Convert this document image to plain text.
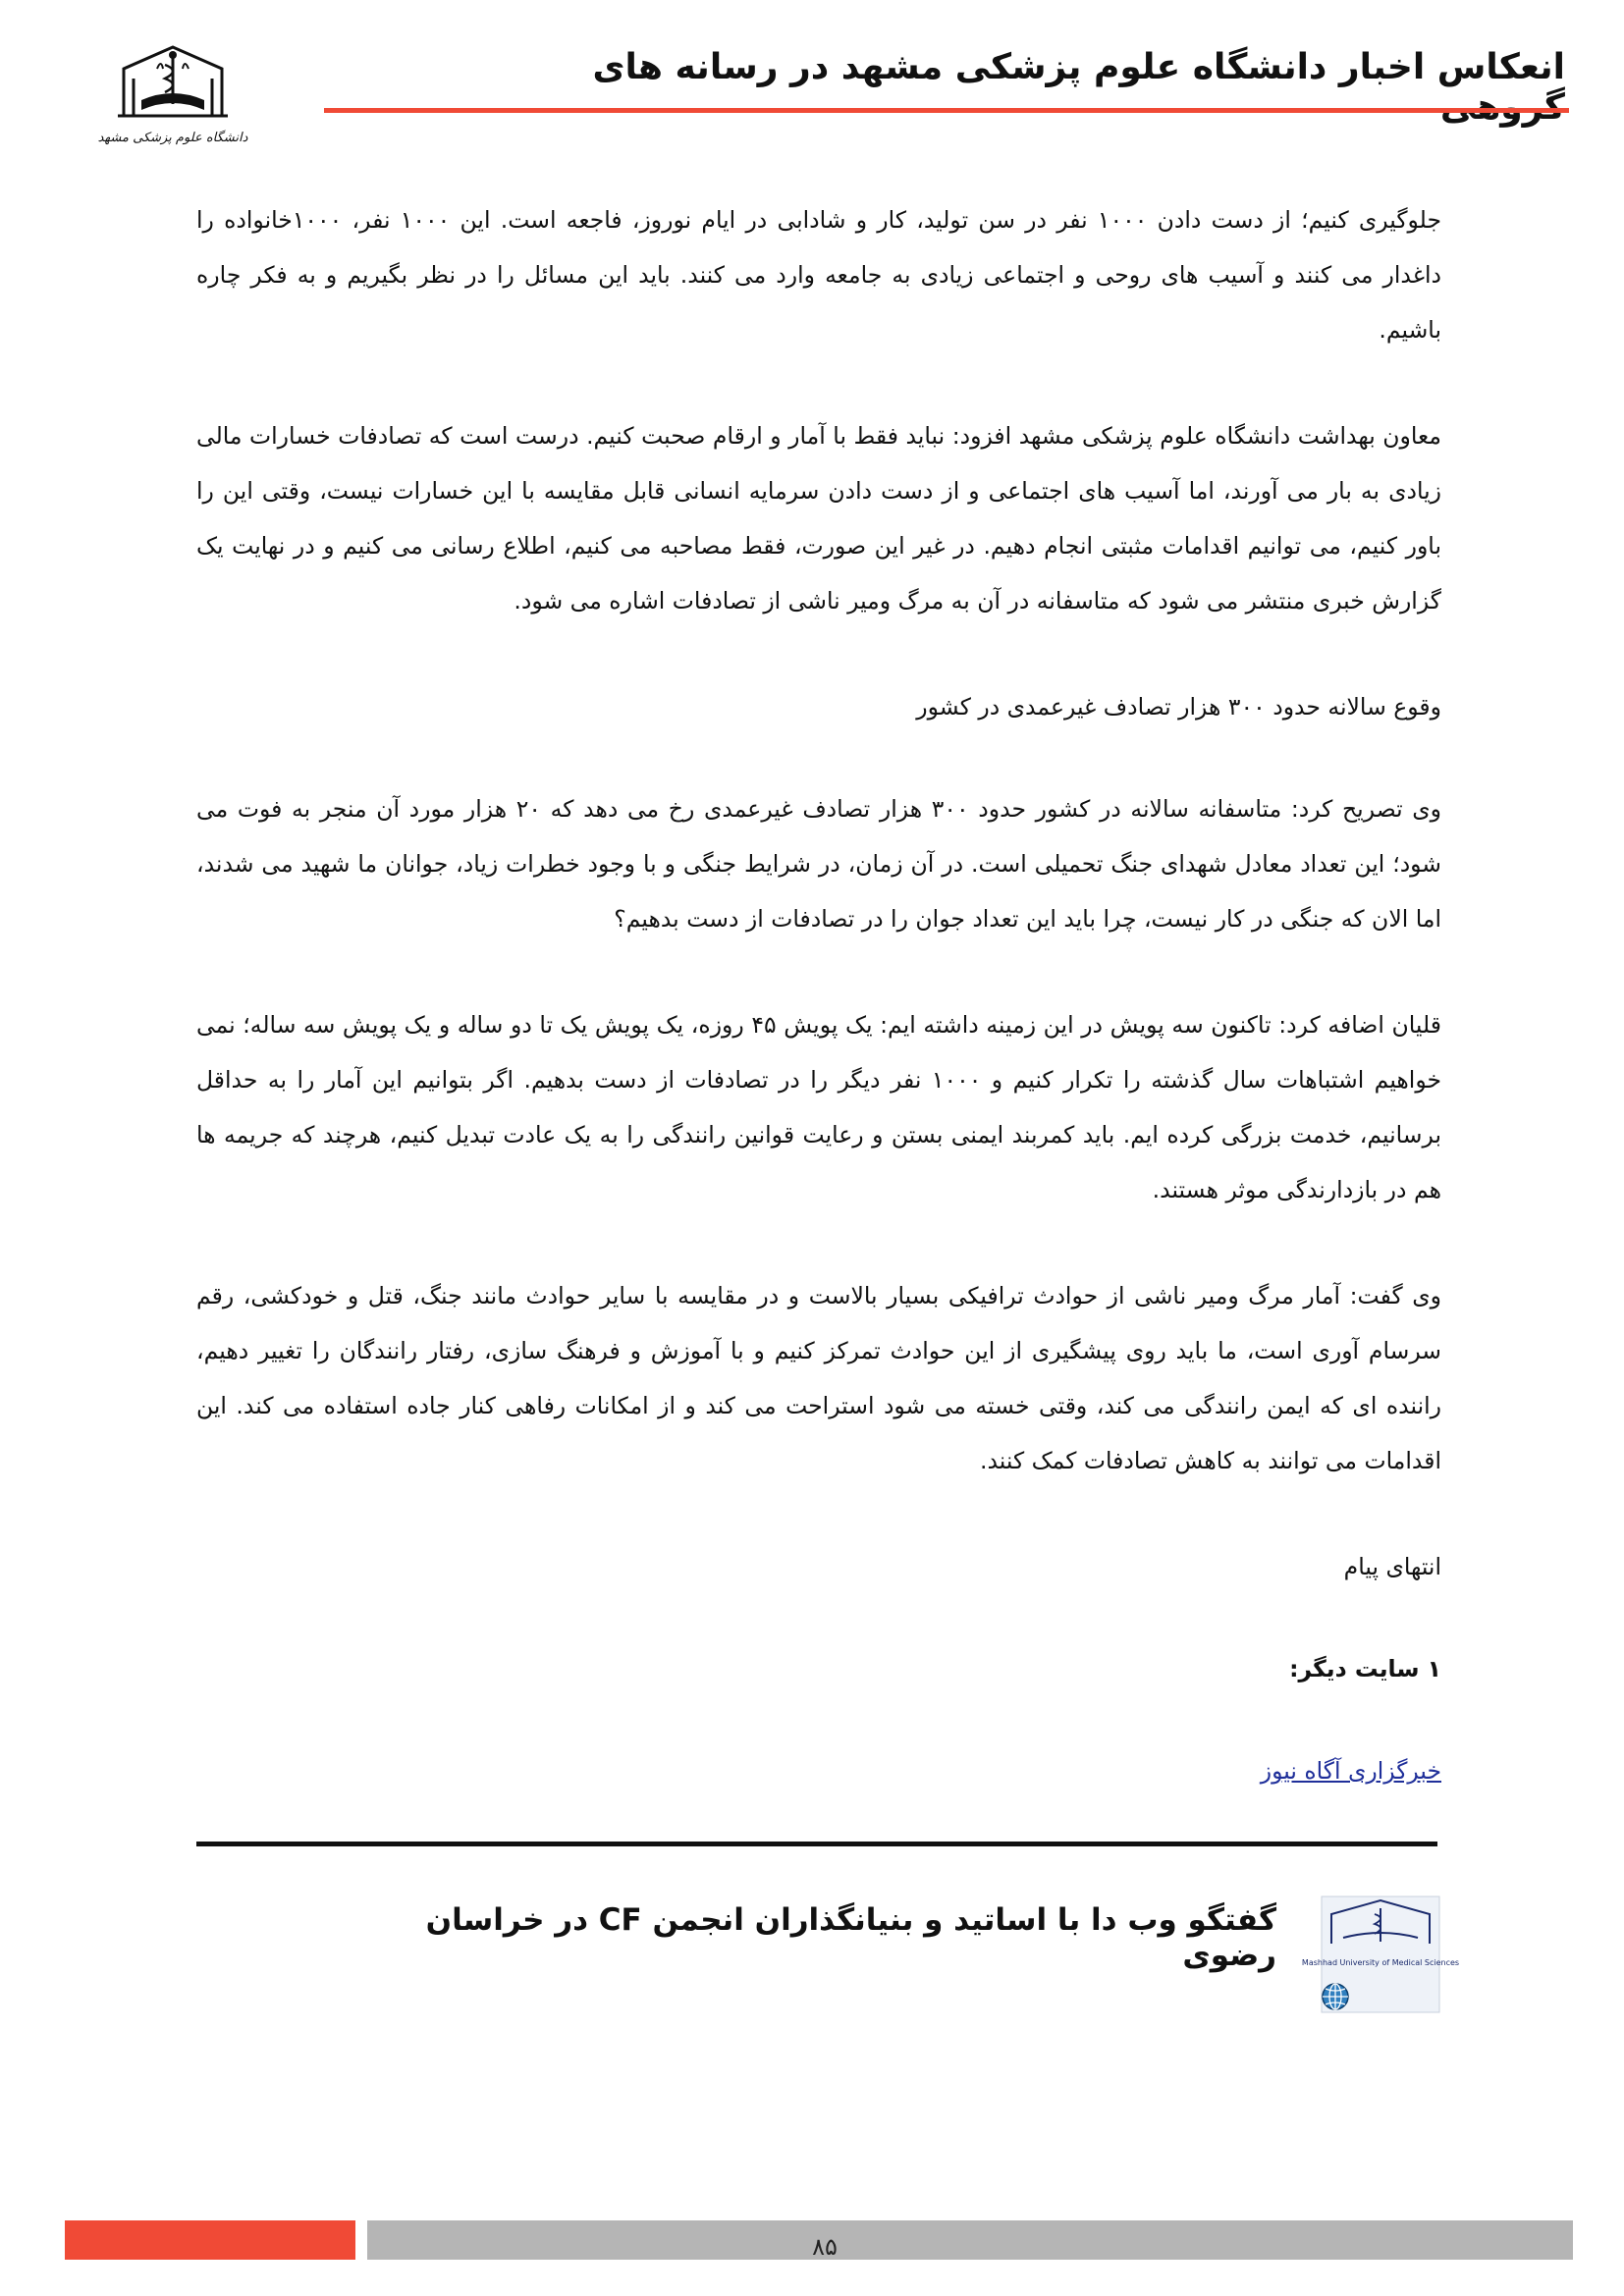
انعکاس اخبار دانشگاه علوم پزشکی مشهد در رسانه های
دانشگاه علوم پزشکی مشهد

جلوگیری کنیم؛ از دست دادن ۱۰۰۰ نفر در سن تولید، کار و شادابی در ایام نوروز، فاجعه است. این ۱۰۰۰ نفر، ۱۰۰۰خانواده را داغدار می کنند و آسیب های روحی و اجتماعی زیادی به جامعه وارد می کنند. باید این مسائل را در نظر بگیریم و به فکر چاره باشیم.

معاون بهداشت دانشگاه علوم پزشکی مشهد افزود: نباید فقط با آمار و ارقام صحبت کنیم. درست است که تصادفات خسارات مالی زیادی به بار می آورند، اما آسیب های اجتماعی و از دست دادن سرمایه انسانی قابل مقایسه با این خسارات نیست، وقتی این را باور کنیم، می توانیم اقدامات مثبتی انجام دهیم. در غیر این صورت، فقط مصاحبه می کنیم، اطلاع رسانی می کنیم و در نهایت یک گزارش خبری منتشر می شود که متاسفانه در آن به مرگ ومیر ناشی از تصادفات اشاره می شود.

وقوع سالانه حدود ۳۰۰ هزار تصادف غیرعمدی در کشور

وی تصریح کرد: متاسفانه سالانه در کشور حدود ۳۰۰ هزار تصادف غیرعمدی رخ می دهد که ۲۰ هزار مورد آن منجر به فوت می شود؛ این تعداد معادل شهدای جنگ تحمیلی است. در آن زمان، در شرایط جنگی و با وجود خطرات زیاد، جوانان ما شهید می شدند، اما الان که جنگی در کار نیست، چرا باید این تعداد جوان را در تصادفات از دست بدهیم؟

قلیان اضافه کرد: تاکنون سه پویش در این زمینه داشته ایم: یک پویش ۴۵ روزه، یک پویش یک تا دو ساله و یک پویش سه ساله؛ نمی خواهیم اشتباهات سال گذشته را تکرار کنیم و ۱۰۰۰ نفر دیگر را در تصادفات از دست بدهیم. اگر بتوانیم این آمار را به حداقل برسانیم، خدمت بزرگی کرده ایم. باید کمربند ایمنی بستن و رعایت قوانین رانندگی را به یک عادت تبدیل کنیم، هرچند که جریمه ها هم در بازدارندگی موثر هستند.

وی گفت: آمار مرگ ومیر ناشی از حوادث ترافیکی بسیار بالاست و در مقایسه با سایر حوادث مانند جنگ، قتل و خودکشی، رقم سرسام آوری است، ما باید روی پیشگیری از این حوادث تمرکز کنیم و با آموزش و فرهنگ سازی، رفتار رانندگان را تغییر دهیم، راننده ای که ایمن رانندگی می کند، وقتی خسته می شود استراحت می کند و از امکانات رفاهی کنار جاده استفاده می کند. این اقدامات می توانند به کاهش تصادفات کمک کنند.

انتهای پیام

۱ سایت دیگر:

خبرگزاری آگاه نیوز

گفتگو وب دا با اساتید و بنیانگذاران انجمن CF در خراسان رضوی	Mashhad University of Medical Sciences
۸۵
